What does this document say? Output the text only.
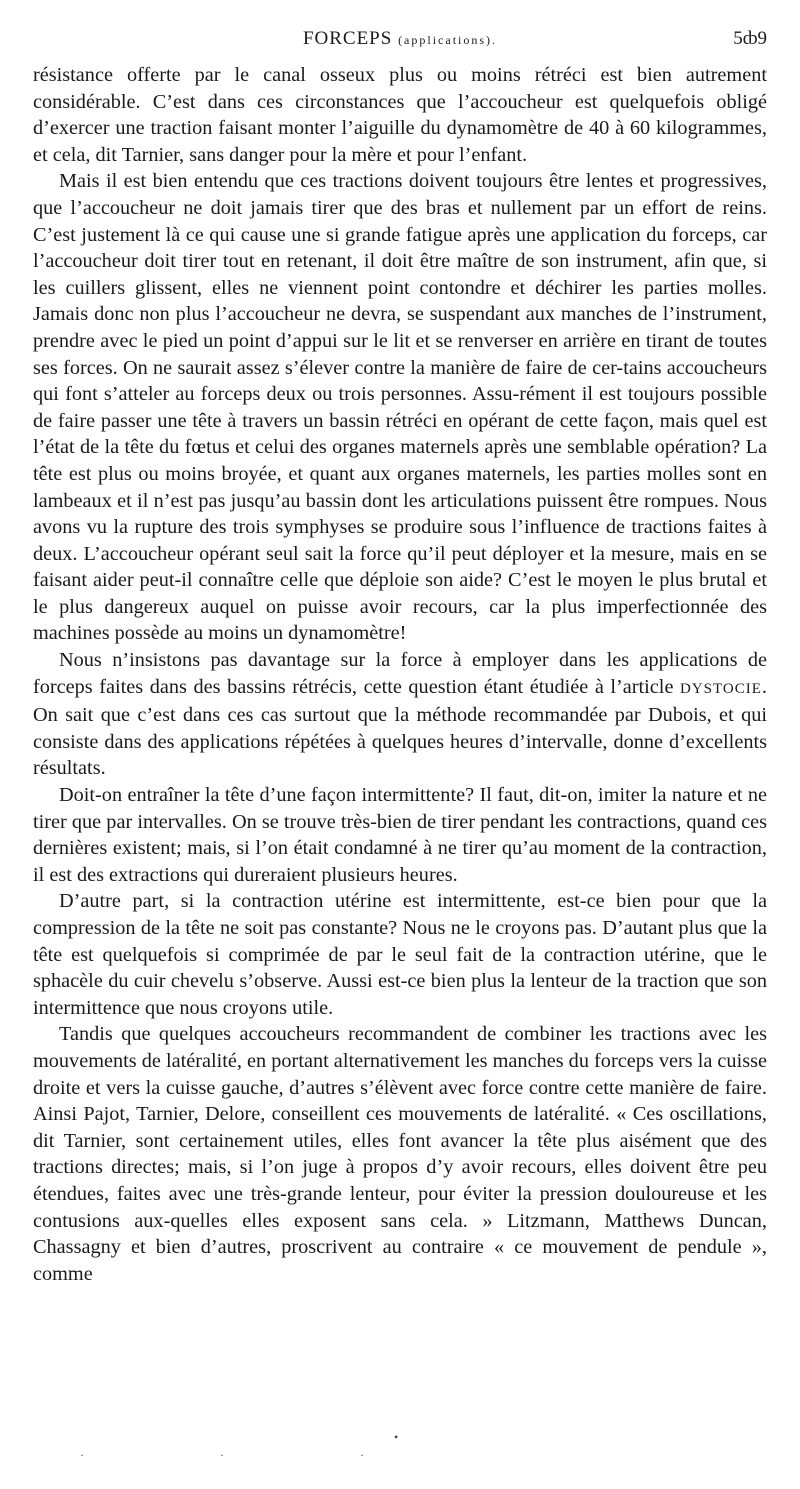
FORCEPS (applications).	5ȸ9

résistance offerte par le canal osseux plus ou moins rétréci est bien autrement considérable. C’est dans ces circonstances que l’accoucheur est quelquefois obligé d’exercer une traction faisant monter l’aiguille du dynamomètre de 40 à 60 kilogrammes, et cela, dit Tarnier, sans danger pour la mère et pour l’enfant.

Mais il est bien entendu que ces tractions doivent toujours être lentes et progressives, que l’accoucheur ne doit jamais tirer que des bras et nullement par un effort de reins. C’est justement là ce qui cause une si grande fatigue après une application du forceps, car l’accoucheur doit tirer tout en retenant, il doit être maître de son instrument, afin que, si les cuillers glissent, elles ne viennent point contondre et déchirer les parties molles. Jamais donc non plus l’accoucheur ne devra, se suspendant aux manches de l’instrument, prendre avec le pied un point d’appui sur le lit et se renverser en arrière en tirant de toutes ses forces. On ne saurait assez s’élever contre la manière de faire de cer-tains accoucheurs qui font s’atteler au forceps deux ou trois personnes. Assu-rément il est toujours possible de faire passer une tête à travers un bassin rétréci en opérant de cette façon, mais quel est l’état de la tête du fœtus et celui des organes maternels après une semblable opération? La tête est plus ou moins broyée, et quant aux organes maternels, les parties molles sont en lambeaux et il n’est pas jusqu’au bassin dont les articulations puissent être rompues. Nous avons vu la rupture des trois symphyses se produire sous l’influence de tractions faites à deux. L’accoucheur opérant seul sait la force qu’il peut déployer et la mesure, mais en se faisant aider peut-il connaître celle que déploie son aide? C’est le moyen le plus brutal et le plus dangereux auquel on puisse avoir recours, car la plus imperfectionnée des machines possède au moins un dynamomètre!

Nous n’insistons pas davantage sur la force à employer dans les applications de forceps faites dans des bassins rétrécis, cette question étant étudiée à l’article DYSTOCIE. On sait que c’est dans ces cas surtout que la méthode recommandée par Dubois, et qui consiste dans des applications répétées à quelques heures d’intervalle, donne d’excellents résultats.

Doit-on entraîner la tête d’une façon intermittente? Il faut, dit-on, imiter la nature et ne tirer que par intervalles. On se trouve très-bien de tirer pendant les contractions, quand ces dernières existent; mais, si l’on était condamné à ne tirer qu’au moment de la contraction, il est des extractions qui dureraient plusieurs heures.

D’autre part, si la contraction utérine est intermittente, est-ce bien pour que la compression de la tête ne soit pas constante? Nous ne le croyons pas. D’autant plus que la tête est quelquefois si comprimée de par le seul fait de la contraction utérine, que le sphacèle du cuir chevelu s’observe. Aussi est-ce bien plus la lenteur de la traction que son intermittence que nous croyons utile.

Tandis que quelques accoucheurs recommandent de combiner les tractions avec les mouvements de latéralité, en portant alternativement les manches du forceps vers la cuisse droite et vers la cuisse gauche, d’autres s’élèvent avec force contre cette manière de faire. Ainsi Pajot, Tarnier, Delore, conseillent ces mouvements de latéralité. « Ces oscillations, dit Tarnier, sont certainement utiles, elles font avancer la tête plus aisément que des tractions directes; mais, si l’on juge à propos d’y avoir recours, elles doivent être peu étendues, faites avec une très-grande lenteur, pour éviter la pression douloureuse et les contusions aux-quelles elles exposent sans cela. » Litzmann, Matthews Duncan, Chassagny et bien d’autres, proscrivent au contraire « ce mouvement de pendule », comme

•
·	·	·
